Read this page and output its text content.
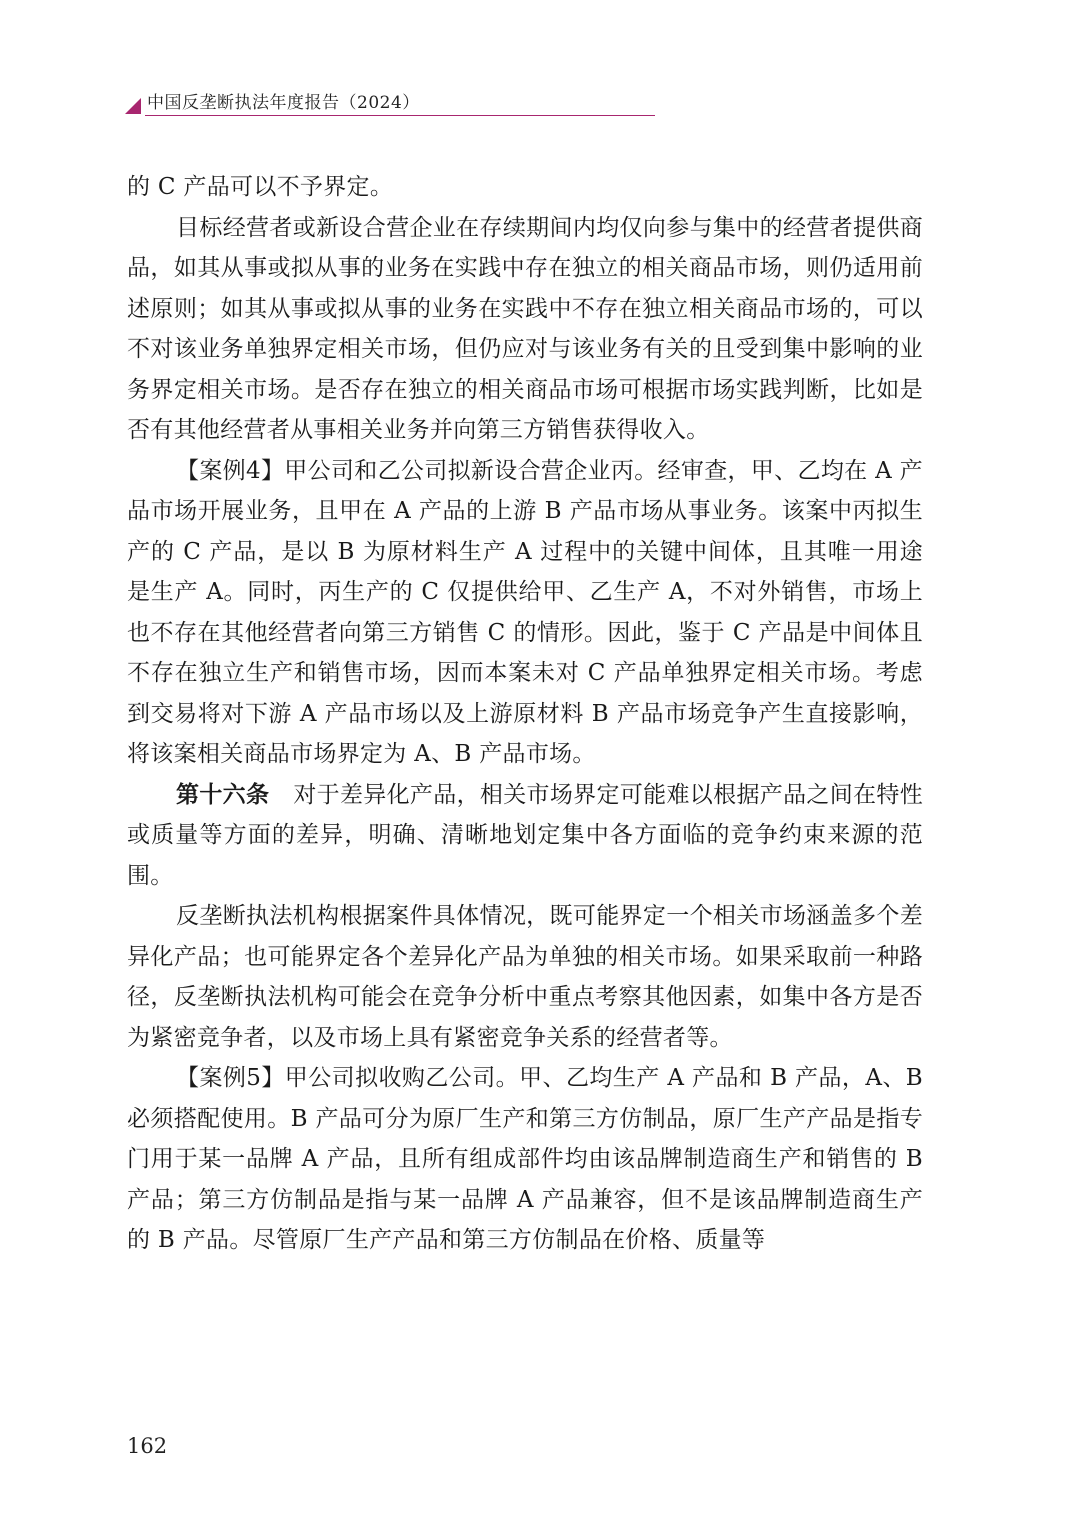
中国反垄断执法年度报告（2024）

的 C 产品可以不予界定。

目标经营者或新设合营企业在存续期间内均仅向参与集中的经营者提供商品，如其从事或拟从事的业务在实践中存在独立的相关商品市场，则仍适用前述原则；如其从事或拟从事的业务在实践中不存在独立相关商品市场的，可以不对该业务单独界定相关市场，但仍应对与该业务有关的且受到集中影响的业务界定相关市场。是否存在独立的相关商品市场可根据市场实践判断，比如是否有其他经营者从事相关业务并向第三方销售获得收入。

【案例4】甲公司和乙公司拟新设合营企业丙。经审查，甲、乙均在 A 产品市场开展业务，且甲在 A 产品的上游 B 产品市场从事业务。该案中丙拟生产的 C 产品，是以 B 为原材料生产 A 过程中的关键中间体，且其唯一用途是生产 A。同时，丙生产的 C 仅提供给甲、乙生产 A，不对外销售，市场上也不存在其他经营者向第三方销售 C 的情形。因此，鉴于 C 产品是中间体且不存在独立生产和销售市场，因而本案未对 C 产品单独界定相关市场。考虑到交易将对下游 A 产品市场以及上游原材料 B 产品市场竞争产生直接影响，将该案相关商品市场界定为 A、B 产品市场。

第十六条 对于差异化产品，相关市场界定可能难以根据产品之间在特性或质量等方面的差异，明确、清晰地划定集中各方面临的竞争约束来源的范围。

反垄断执法机构根据案件具体情况，既可能界定一个相关市场涵盖多个差异化产品；也可能界定各个差异化产品为单独的相关市场。如果采取前一种路径，反垄断执法机构可能会在竞争分析中重点考察其他因素，如集中各方是否为紧密竞争者，以及市场上具有紧密竞争关系的经营者等。

【案例5】甲公司拟收购乙公司。甲、乙均生产 A 产品和 B 产品，A、B 必须搭配使用。B 产品可分为原厂生产和第三方仿制品，原厂生产产品是指专门用于某一品牌 A 产品，且所有组成部件均由该品牌制造商生产和销售的 B 产品；第三方仿制品是指与某一品牌 A 产品兼容，但不是该品牌制造商生产的 B 产品。尽管原厂生产产品和第三方仿制品在价格、质量等

162
